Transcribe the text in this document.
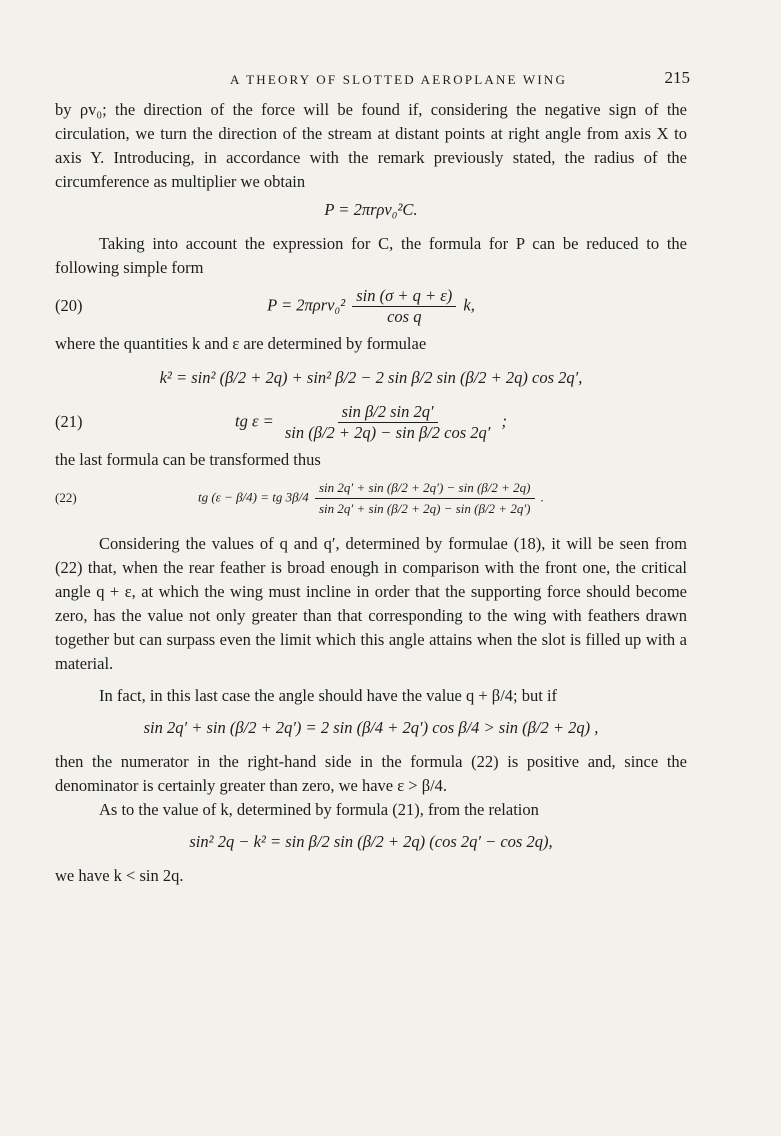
A THEORY OF SLOTTED AEROPLANE WING	215

by ρv₀; the direction of the force will be found if, considering the negative sign of the circulation, we turn the direction of the stream at distant points at right angle from axis X to axis Y. Introducing, in accordance with the remark previously stated, the radius of the circumference as multiplier we obtain

P = 2πrρv₀²C.

Taking into account the expression for C, the formula for P can be reduced to the following simple form

(20)	$P = 2\pi\rho rv_0^2 \frac{\sin (\sigma + q + \varepsilon)}{\text{cos q}} k$,

where the quantities k and ε are determined by formulae

k² = sin² (β/2 + 2q) + sin² β/2 − 2 sin β/2 sin (β/2 + 2q) cos 2q′,
(21)	tg $\varepsilon = \frac{\text{sin β/2 sin 2q′}}{\text{sin (β/2 + 2q) − sin β/2 cos 2q′}}$ ;

the last formula can be transformed thus

(22)	tg (ε − β/4) = tg $3\beta/4 \frac{\sin 2q' + \sin (\beta/2 + 2q') - \sin (\beta/2 + 2q)}{\sin 2q' + \sin (\beta/2 + 2q) - \sin (\beta/2 + 2q')}$ .

Considering the values of q and q′, determined by formulae (18), it will be seen from (22) that, when the rear feather is broad enough in comparison with the front one, the critical angle q + ε, at which the wing must incline in order that the supporting force should become zero, has the value not only greater than that corresponding to the wing with feathers drawn together but can surpass even the limit which this angle attains when the slot is filled up with a material.

In fact, in this last case the angle should have the value q + β/4; but if

sin 2q′ + sin (β/2 + 2q′) = 2 sin (β/4 + 2q′) cos β/4 > sin (β/2 + 2q) ,

then the numerator in the right-hand side in the formula (22) is positive and, since the denominator is certainly greater than zero, we have ε > β/4.

As to the value of k, determined by formula (21), from the relation

sin² 2q − k² = sin β/2 sin (β/2 + 2q) (cos 2q′ − cos 2q),

we have k < sin 2q.
